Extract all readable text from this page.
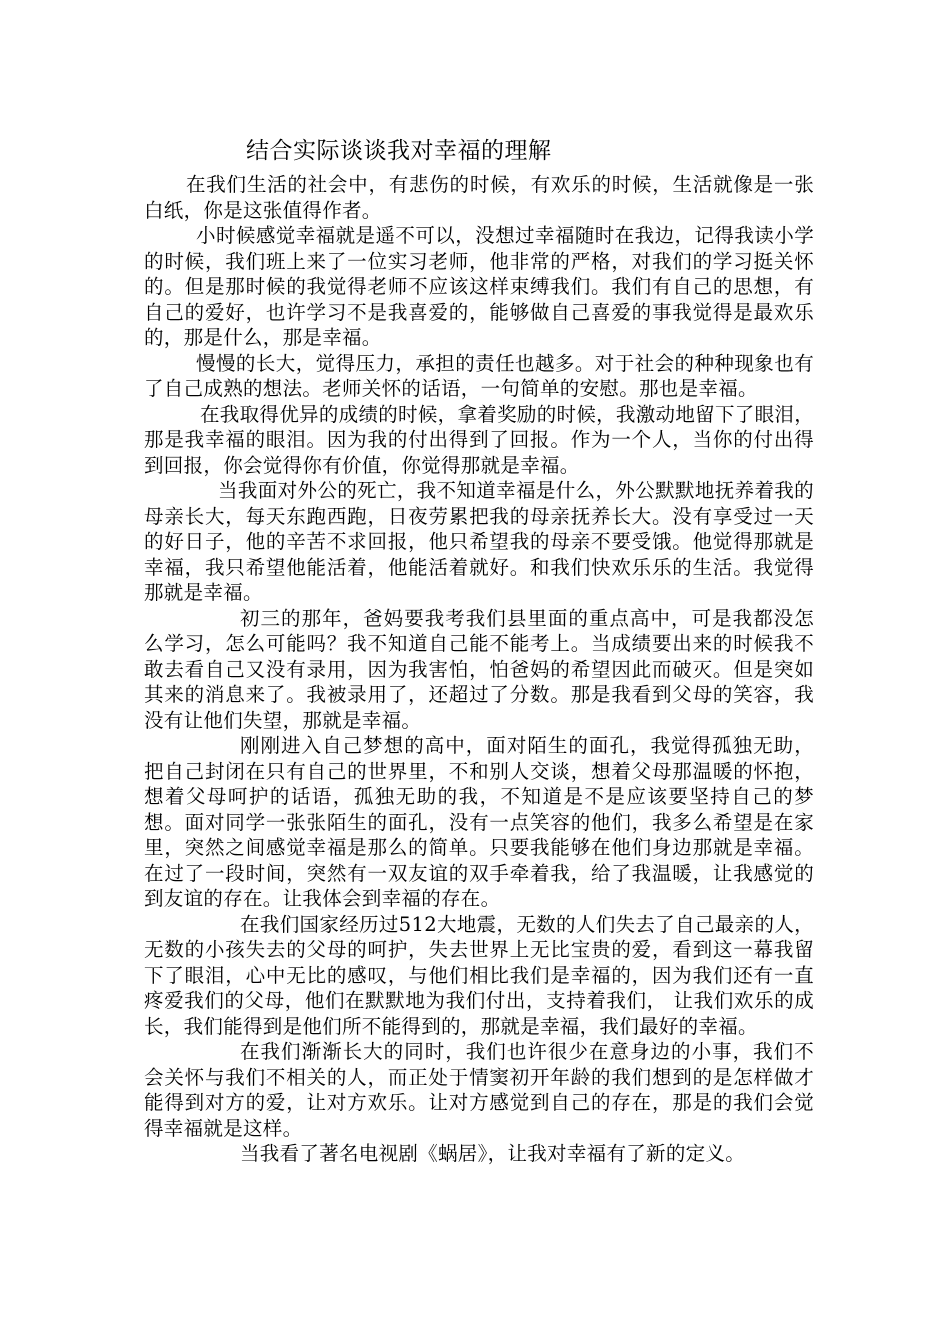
结合实际谈谈我对幸福的理解

在我们生活的社会中，有悲伤的时候，有欢乐的时候，生活就像是一张白纸，你是这张值得作者。

小时候感觉幸福就是遥不可以，没想过幸福随时在我边，记得我读小学的时候，我们班上来了一位实习老师，他非常的严格，对我们的学习挺关怀的。但是那时候的我觉得老师不应该这样束缚我们。我们有自己的思想，有自己的爱好，也许学习不是我喜爱的，能够做自己喜爱的事我觉得是最欢乐的，那是什么，那是幸福。

慢慢的长大，觉得压力，承担的责任也越多。对于社会的种种现象也有了自己成熟的想法。老师关怀的话语，一句简单的安慰。那也是幸福。

在我取得优异的成绩的时候，拿着奖励的时候，我激动地留下了眼泪，那是我幸福的眼泪。因为我的付出得到了回报。作为一个人，当你的付出得到回报，你会觉得你有价值，你觉得那就是幸福。

当我面对外公的死亡，我不知道幸福是什么，外公默默地抚养着我的母亲长大，每天东跑西跑，日夜劳累把我的母亲抚养长大。没有享受过一天的好日子，他的辛苦不求回报，他只希望我的母亲不要受饿。他觉得那就是幸福，我只希望他能活着，他能活着就好。和我们快欢乐乐的生活。我觉得那就是幸福。

初三的那年，爸妈要我考我们县里面的重点高中，可是我都没怎么学习，怎么可能吗？我不知道自己能不能考上。当成绩要出来的时候我不敢去看自己又没有录用，因为我害怕，怕爸妈的希望因此而破灭。但是突如其来的消息来了。我被录用了，还超过了分数。那是我看到父母的笑容，我没有让他们失望，那就是幸福。

刚刚进入自己梦想的高中，面对陌生的面孔，我觉得孤独无助，把自己封闭在只有自己的世界里，不和别人交谈，想着父母那温暖的怀抱，想着父母呵护的话语，孤独无助的我，不知道是不是应该要坚持自己的梦想。面对同学一张张陌生的面孔，没有一点笑容的他们，我多么希望是在家里，突然之间感觉幸福是那么的简单。只要我能够在他们身边那就是幸福。在过了一段时间，突然有一双友谊的双手牵着我，给了我温暖，让我感觉的到友谊的存在。让我体会到幸福的存在。

在我们国家经历过512大地震，无数的人们失去了自己最亲的人，无数的小孩失去的父母的呵护，失去世界上无比宝贵的爱，看到这一幕我留下了眼泪，心中无比的感叹，与他们相比我们是幸福的，因为我们还有一直疼爱我们的父母，他们在默默地为我们付出，支持着我们， 让我们欢乐的成长，我们能得到是他们所不能得到的，那就是幸福，我们最好的幸福。

在我们渐渐长大的同时，我们也许很少在意身边的小事，我们不会关怀与我们不相关的人，而正处于情窦初开年龄的我们想到的是怎样做才能得到对方的爱，让对方欢乐。让对方感觉到自己的存在，那是的我们会觉得幸福就是这样。

当我看了著名电视剧《蜗居》，让我对幸福有了新的定义。
